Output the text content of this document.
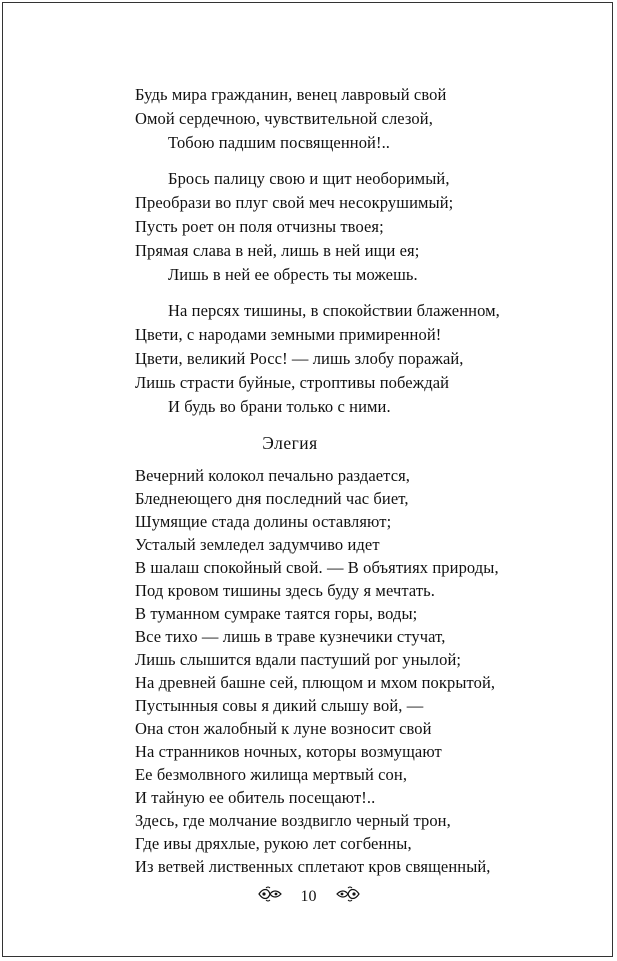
Будь мира гражданин, венец лавровый свой
Омой сердечною, чувствительной слезой,
Тобою падшим посвященной!..
Брось палицу свою и щит необоримый,
Преобрази во плуг свой меч несокрушимый;
Пусть роет он поля отчизны твоея;
Прямая слава в ней, лишь в ней ищи ея;
Лишь в ней ее обресть ты можешь.
На персях тишины, в спокойствии блаженном,
Цвети, с народами земными примиренной!
Цвети, великий Росс! — лишь злобу поражай,
Лишь страсти буйные, строптивы побеждай
И будь во брани только с ними.
Элегия
Вечерний колокол печально раздается,
Бледнеющего дня последний час биет,
Шумящие стада долины оставляют;
Усталый земледел задумчиво идет
В шалаш спокойный свой. — В объятиях природы,
Под кровом тишины здесь буду я мечтать.
В туманном сумраке таятся горы, воды;
Все тихо — лишь в траве кузнечики стучат,
Лишь слышится вдали пастуший рог унылой;
На древней башне сей, плющом и мхом покрытой,
Пустынныя совы я дикий слышу вой, —
Она стон жалобный к луне возносит свой
На странников ночных, которы возмущают
Ее безмолвного жилища мертвый сон,
И тайную ее обитель посещают!..
Здесь, где молчание воздвигло черный трон,
Где ивы дряхлые, рукою лет согбенны,
Из ветвей лиственных сплетают кров священный,
10
